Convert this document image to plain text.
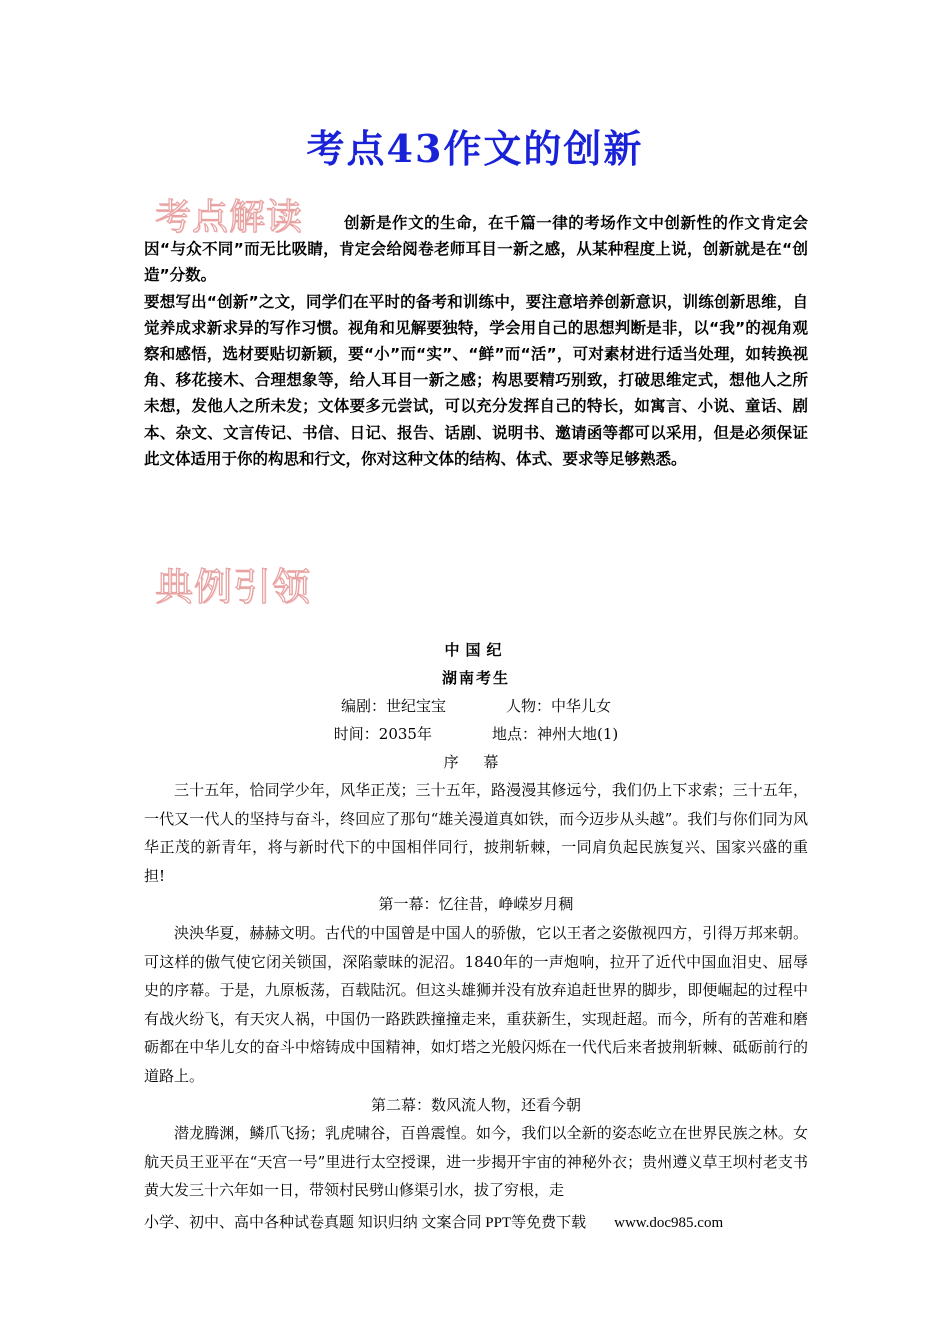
考点43作文的创新
考点解读	创新是作文的生命，在千篇一律的考场作文中创新性的作文肯定会因“与众不同”而无比吸睛，肯定会给阅卷老师耳目一新之感，从某种程度上说，创新就是在“创造”分数。

要想写出“创新”之文，同学们在平时的备考和训练中，要注意培养创新意识，训练创新思维，自觉养成求新求异的写作习惯。视角和见解要独特，学会用自己的思想判断是非，以“我”的视角观察和感悟，选材要贴切新颖，要“小”而“实”、“鲜”而“活”，可对素材进行适当处理，如转换视角、移花接木、合理想象等，给人耳目一新之感；构思要精巧别致，打破思维定式，想他人之所未想，发他人之所未发；文体要多元尝试，可以充分发挥自己的特长，如寓言、小说、童话、剧本、杂文、文言传记、书信、日记、报告、话剧、说明书、邀请函等都可以采用，但是必须保证此文体适用于你的构思和行文，你对这种文体的结构、体式、要求等足够熟悉。

典例引领

中国纪

湖南考生

编剧：世纪宝宝	人物：中华儿女
时间：2035年	地点：神州大地(1)

序 幕

三十五年，恰同学少年，风华正茂；三十五年，路漫漫其修远兮，我们仍上下求索；三十五年，一代又一代人的坚持与奋斗，终回应了那句“雄关漫道真如铁，而今迈步从头越”。我们与你们同为风华正茂的新青年，将与新时代下的中国相伴同行，披荆斩棘，一同肩负起民族复兴、国家兴盛的重担!

第一幕：忆往昔，峥嵘岁月稠

泱泱华夏，赫赫文明。古代的中国曾是中国人的骄傲，它以王者之姿傲视四方，引得万邦来朝。可这样的傲气使它闭关锁国，深陷蒙昧的泥沼。1840年的一声炮响，拉开了近代中国血泪史、屈辱史的序幕。于是，九原板荡，百载陆沉。但这头雄狮并没有放弃追赶世界的脚步，即便崛起的过程中有战火纷飞，有天灾人祸，中国仍一路跌跌撞撞走来，重获新生，实现赶超。而今，所有的苦难和磨砺都在中华儿女的奋斗中熔铸成中国精神，如灯塔之光般闪烁在一代代后来者披荆斩棘、砥砺前行的道路上。

第二幕：数风流人物，还看今朝

潜龙腾渊，鳞爪飞扬；乳虎啸谷，百兽震惶。如今，我们以全新的姿态屹立在世界民族之林。女航天员王亚平在“天宫一号”里进行太空授课，进一步揭开宇宙的神秘外衣；贵州遵义草王坝村老支书黄大发三十六年如一日，带领村民劈山修渠引水，拔了穷根，走

小学、初中、高中各种试卷真题 知识归纳 文案合同 PPT等免费下载 www.doc985.com
